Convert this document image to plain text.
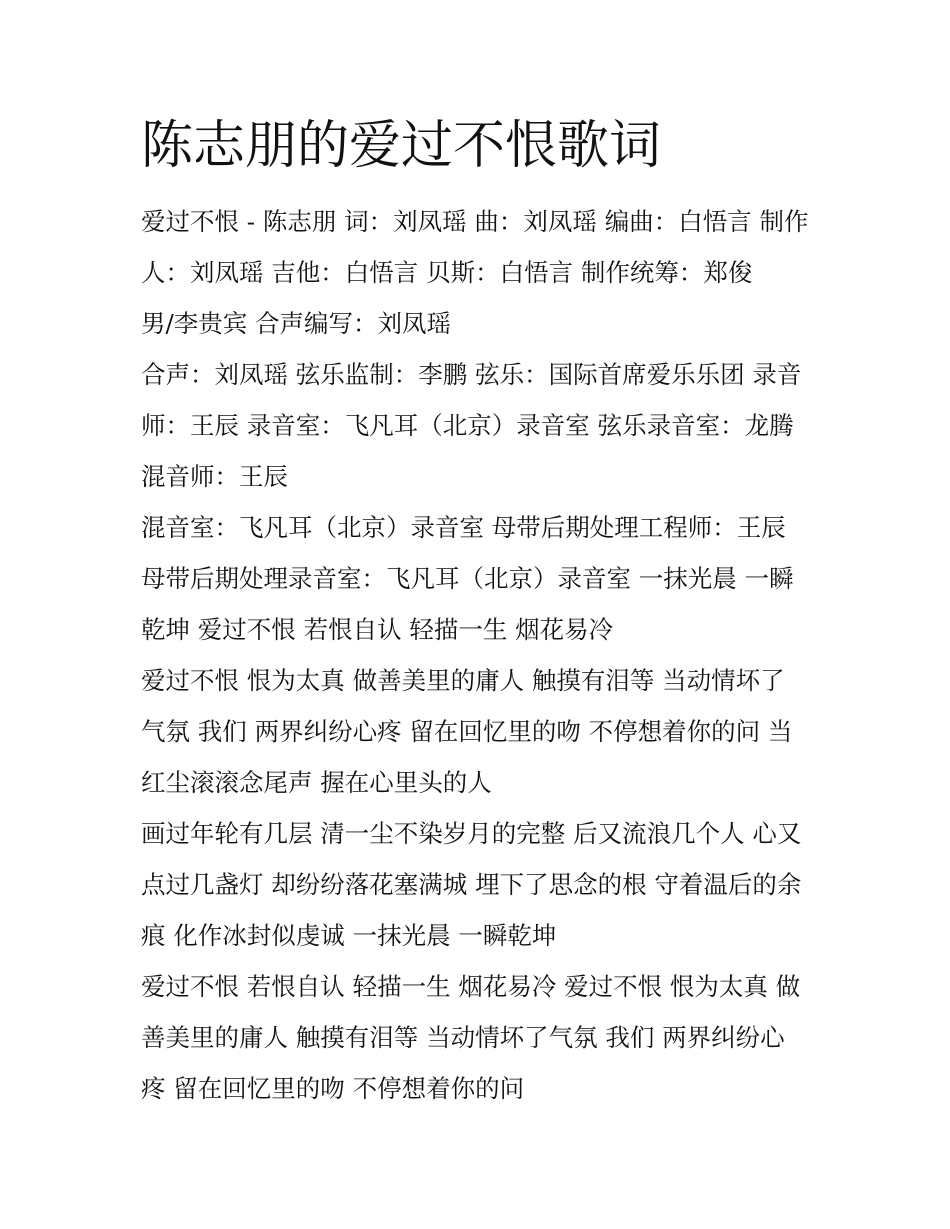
陈志朋的爱过不恨歌词

爱过不恨 - 陈志朋 词：刘凤瑶 曲：刘凤瑶 编曲：白悟言 制作
人：刘凤瑶 吉他：白悟言 贝斯：白悟言 制作统筹：郑俊
男/李贵宾 合声编写：刘凤瑶

合声：刘凤瑶 弦乐监制：李鹏 弦乐：国际首席爱乐乐团 录音
师：王辰 录音室：飞凡耳（北京）录音室 弦乐录音室：龙腾
混音师：王辰

混音室：飞凡耳（北京）录音室 母带后期处理工程师：王辰
母带后期处理录音室：飞凡耳（北京）录音室 一抹光晨 一瞬
乾坤 爱过不恨 若恨自认 轻描一生 烟花易冷

爱过不恨 恨为太真 做善美里的庸人 触摸有泪等 当动情坏了
气氛 我们 两界纠纷心疼 留在回忆里的吻 不停想着你的问 当
红尘滚滚念尾声 握在心里头的人

画过年轮有几层 清一尘不染岁月的完整 后又流浪几个人 心又
点过几盏灯 却纷纷落花塞满城 埋下了思念的根 守着温后的余
痕 化作冰封似虔诚 一抹光晨 一瞬乾坤

爱过不恨 若恨自认 轻描一生 烟花易冷 爱过不恨 恨为太真 做
善美里的庸人 触摸有泪等 当动情坏了气氛 我们 两界纠纷心
疼 留在回忆里的吻 不停想着你的问
